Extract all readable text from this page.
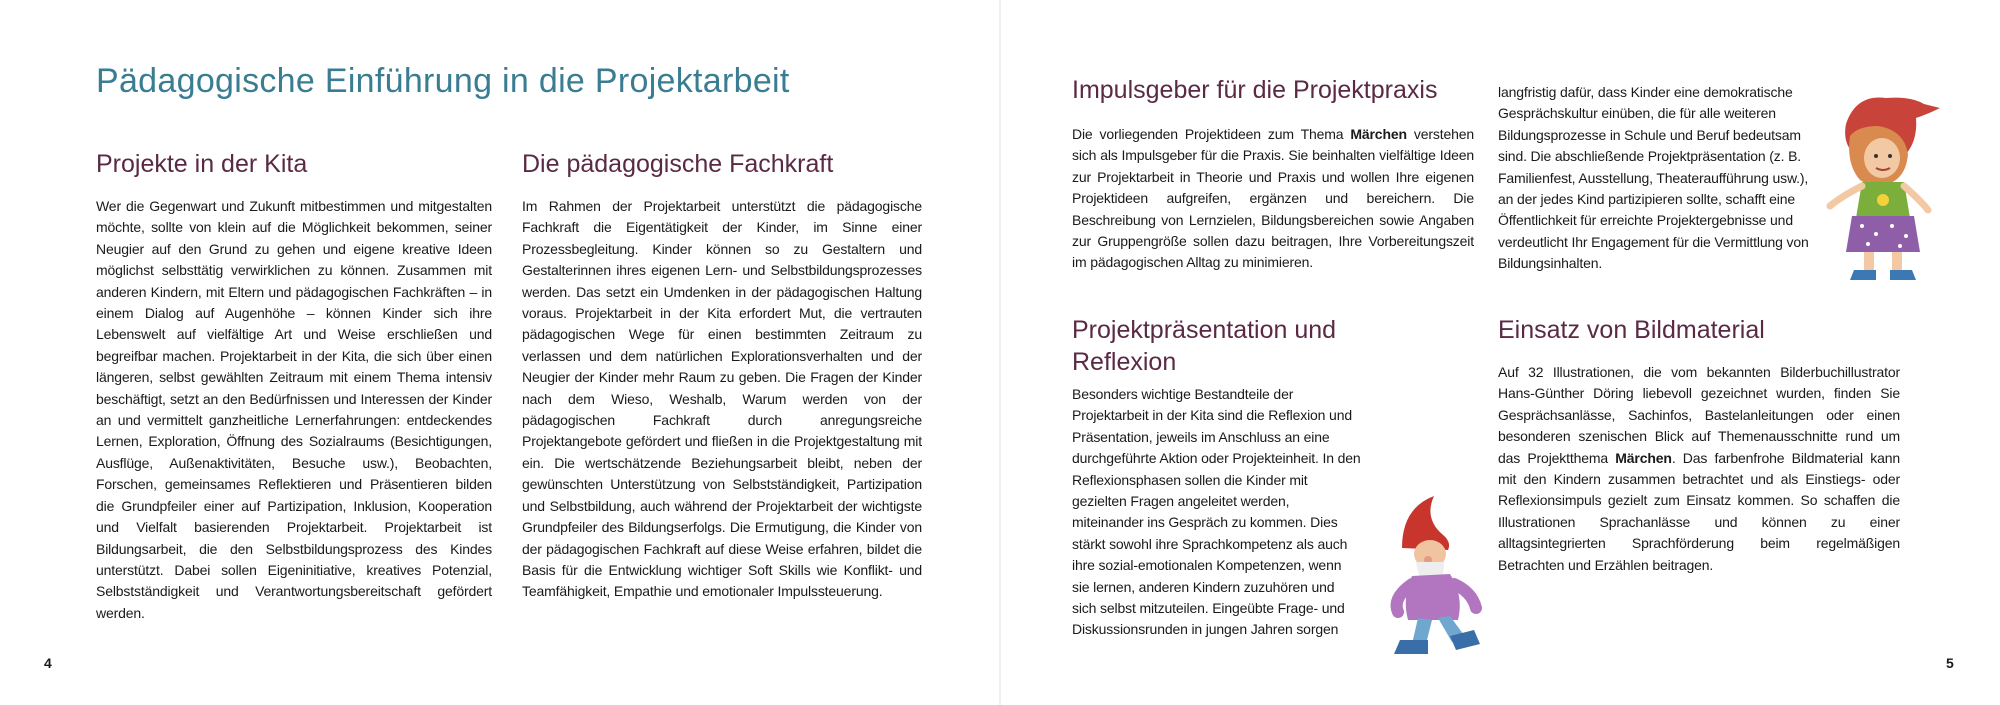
Pädagogische Einführung in die Projektarbeit
Projekte in der Kita

Wer die Gegenwart und Zukunft mitbestimmen und mitgestalten möchte, sollte von klein auf die Möglichkeit bekommen, seiner Neugier auf den Grund zu gehen und eigene kreative Ideen möglichst selbsttätig verwirklichen zu können. Zusammen mit anderen Kindern, mit Eltern und pädagogischen Fachkräften – in einem Dialog auf Augenhöhe – können Kinder sich ihre Lebenswelt auf vielfältige Art und Weise erschließen und begreifbar machen. Projektarbeit in der Kita, die sich über einen längeren, selbst gewählten Zeitraum mit einem Thema intensiv beschäftigt, setzt an den Bedürfnissen und Interessen der Kinder an und vermittelt ganzheitliche Lernerfahrungen: entdeckendes Lernen, Exploration, Öffnung des Sozialraums (Besichtigungen, Ausflüge, Außenaktivitäten, Besuche usw.), Beobachten, Forschen, gemeinsames Reflektieren und Präsentieren bilden die Grundpfeiler einer auf Partizipation, Inklusion, Kooperation und Vielfalt basierenden Projektarbeit. Projektarbeit ist Bildungsarbeit, die den Selbstbildungsprozess des Kindes unterstützt. Dabei sollen Eigeninitiative, kreatives Potenzial, Selbstständigkeit und Verantwortungsbereitschaft gefördert werden.

Die pädagogische Fachkraft

Im Rahmen der Projektarbeit unterstützt die pädagogische Fachkraft die Eigentätigkeit der Kinder, im Sinne einer Prozessbegleitung. Kinder können so zu Gestaltern und Gestalterinnen ihres eigenen Lern- und Selbstbildungsprozesses werden. Das setzt ein Umdenken in der pädagogischen Haltung voraus. Projektarbeit in der Kita erfordert Mut, die vertrauten pädagogischen Wege für einen bestimmten Zeitraum zu verlassen und dem natürlichen Explorationsverhalten und der Neugier der Kinder mehr Raum zu geben. Die Fragen der Kinder nach dem Wieso, Weshalb, Warum werden von der pädagogischen Fachkraft durch anregungsreiche Projektangebote gefördert und fließen in die Projektgestaltung mit ein. Die wertschätzende Beziehungsarbeit bleibt, neben der gewünschten Unterstützung von Selbstständigkeit, Partizipation und Selbstbildung, auch während der Projektarbeit der wichtigste Grundpfeiler des Bildungserfolgs. Die Ermutigung, die Kinder von der pädagogischen Fachkraft auf diese Weise erfahren, bildet die Basis für die Entwicklung wichtiger Soft Skills wie Konflikt- und Teamfähigkeit, Empathie und emotionaler Impulssteuerung.

4
Impulsgeber für die Projektpraxis

Die vorliegenden Projektideen zum Thema Märchen verstehen sich als Impulsgeber für die Praxis. Sie beinhalten vielfältige Ideen zur Projektarbeit in Theorie und Praxis und wollen Ihre eigenen Projektideen aufgreifen, ergänzen und bereichern. Die Beschreibung von Lernzielen, Bildungsbereichen sowie Angaben zur Gruppengröße sollen dazu beitragen, Ihre Vorbereitungszeit im pädagogischen Alltag zu minimieren.

Projektpräsentation und Reflexion

Besonders wichtige Bestandteile der Projektarbeit in der Kita sind die Reflexion und Präsentation, jeweils im Anschluss an eine durchgeführte Aktion oder Projekteinheit. In den Reflexionsphasen sollen die Kinder mit gezielten Fragen angeleitet werden, miteinander ins Gespräch zu kommen. Dies stärkt sowohl ihre Sprachkompetenz als auch ihre sozial-emotionalen Kompetenzen, wenn sie lernen, anderen Kindern zuzuhören und sich selbst mitzuteilen. Eingeübte Frage- und Diskussionsrunden in jungen Jahren sorgen

langfristig dafür, dass Kinder eine demokratische Gesprächskultur einüben, die für alle weiteren Bildungsprozesse in Schule und Beruf bedeutsam sind. Die abschließende Projektpräsentation (z. B. Familienfest, Ausstellung, Theateraufführung usw.), an der jedes Kind partizipieren sollte, schafft eine Öffentlichkeit für erreichte Projektergebnisse und verdeutlicht Ihr Engagement für die Vermittlung von Bildungsinhalten.

Einsatz von Bildmaterial

Auf 32 Illustrationen, die vom bekannten Bilderbuchillustrator Hans-Günther Döring liebevoll gezeichnet wurden, finden Sie Gesprächsanlässe, Sachinfos, Bastelanleitungen oder einen besonderen szenischen Blick auf Themenausschnitte rund um das Projektthema Märchen. Das farbenfrohe Bildmaterial kann mit den Kindern zusammen betrachtet und als Einstiegs- oder Reflexionsimpuls gezielt zum Einsatz kommen. So schaffen die Illustrationen Sprachanlässe und können zu einer alltagsintegrierten Sprachförderung beim regelmäßigen Betrachten und Erzählen beitragen.

5
